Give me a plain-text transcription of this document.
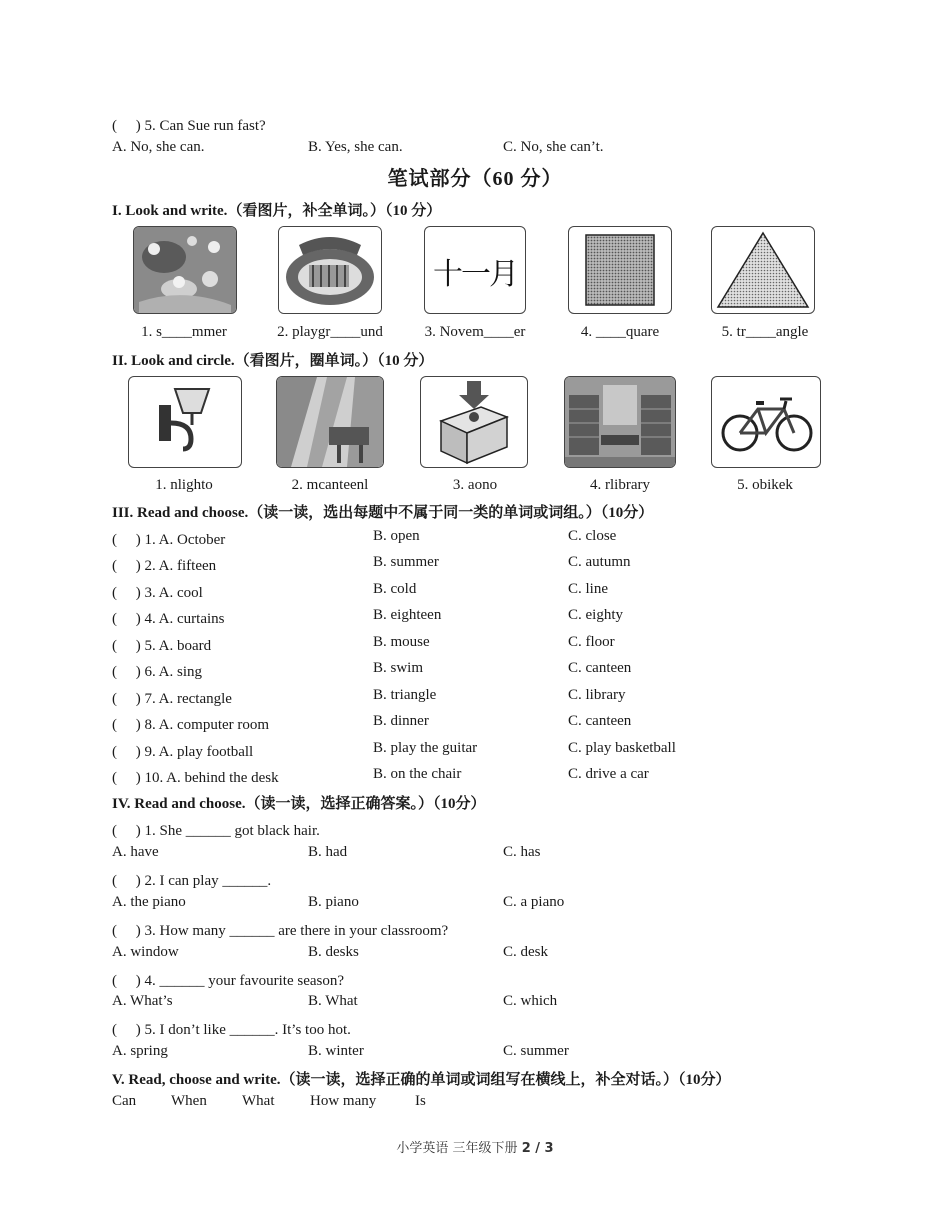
(　 ) 5. Can Sue run fast?
A. No, she can.	B. Yes, she can.	C. No, she can’t.
笔试部分（60 分）
I. Look and write.（看图片，补全单词。）（10 分）
十一月
1. s____mmer	2. playgr____und	3. Novem____er	4. ____quare	5. tr____angle
II. Look and circle.（看图片，圈单词。）（10 分）
1. nlighto	2. mcanteenl	3. aono	4. rlibrary	5. obikek
III. Read and choose.（读一读，选出每题中不属于同一类的单词或词组。）（10分）
(　 ) 1. A. October	B. open	C. close
(　 ) 2. A. fifteen	B. summer	C. autumn
(　 ) 3. A. cool	B. cold	C. line
(　 ) 4. A. curtains	B. eighteen	C. eighty
(　 ) 5. A. board	B. mouse	C. floor
(　 ) 6. A. sing	B. swim	C. canteen
(　 ) 7. A. rectangle	B. triangle	C. library
(　 ) 8. A. computer room	B. dinner	C. canteen
(　 ) 9. A. play football	B. play the guitar	C. play basketball
(　 ) 10. A. behind the desk	B. on the chair	C. drive a car
IV. Read and choose.（读一读，选择正确答案。）（10分）
(　 ) 1. She ______ got black hair.
A. have	B. had	C. has
(　 ) 2. I can play ______.
A. the piano	B. piano	C. a piano
(　 ) 3. How many ______ are there in your classroom?
A. window	B. desks	C. desk
(　 ) 4. ______ your favourite season?
A. What’s	B. What	C. which
(　 ) 5. I don’t like ______. It’s too hot.
A. spring	B. winter	C. summer
V. Read, choose and write.（读一读，选择正确的单词或词组写在横线上，补全对话。）（10分）
Can When What How many	Is
小学英语 三年级下册 2 / 3
